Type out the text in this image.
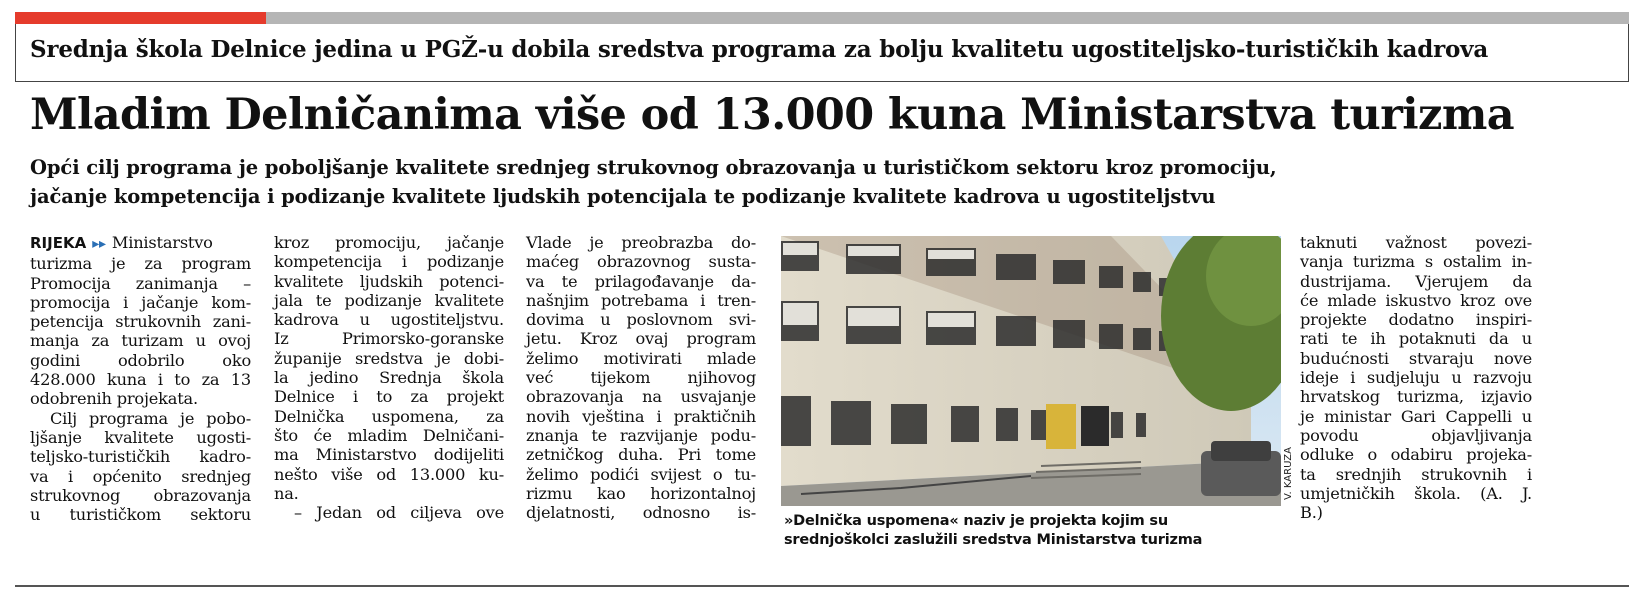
Srednja škola Delnice jedina u PGŽ-u dobila sredstva programa za bolju kvalitetu ugostiteljsko-turističkih kadrova
Mladim Delničanima više od 13.000 kuna Ministarstva turizma
Opći cilj programa je poboljšanje kvalitete srednjeg strukovnog obrazovanja u turističkom sektoru kroz promociju,
jačanje kompetencija i podizanje kvalitete ljudskih potencijala te podizanje kvalitete kadrova u ugostiteljstvu
RIJEKA ▸▸ Ministarstvo
turizma je za program
Promocija zanimanja –
promocija i jačanje kom-
petencija strukovnih zani-
manja za turizam u ovoj
godini odobrilo oko
428.000 kuna i to za 13
odobrenih projekata.
Cilj programa je pobo-
ljšanje kvalitete ugosti-
teljsko-turističkih kadro-
va i općenito srednjeg
strukovnog obrazovanja
u turističkom sektoru
kroz promociju, jačanje
kompetencija i podizanje
kvalitete ljudskih potenci-
jala te podizanje kvalitete
kadrova u ugostiteljstvu.
Iz Primorsko-goranske
županije sredstva je dobi-
la jedino Srednja škola
Delnice i to za projekt
Delnička uspomena, za
što će mladim Delničani-
ma Ministarstvo dodijeliti
nešto više od 13.000 ku-
na.
– Jedan od ciljeva ove
Vlade je preobrazba do-
maćeg obrazovnog susta-
va te prilagođavanje da-
našnjim potrebama i tren-
dovima u poslovnom svi-
jetu. Kroz ovaj program
želimo motivirati mlade
već tijekom njihovog
obrazovanja na usvajanje
novih vještina i praktičnih
znanja te razvijanje podu-
zetničkog duha. Pri tome
želimo podići svijest o tu-
rizmu kao horizontalnoj
djelatnosti, odnosno is-
V. KARUZA
»Delnička uspomena« naziv je projekta kojim su
srednjoškolci zaslužili sredstva Ministarstva turizma
taknuti važnost povezi-
vanja turizma s ostalim in-
dustrijama. Vjerujem da
će mlade iskustvo kroz ove
projekte dodatno inspiri-
rati te ih potaknuti da u
budućnosti stvaraju nove
ideje i sudjeluju u razvoju
hrvatskog turizma, izjavio
je ministar Gari Cappelli u
povodu objavljivanja
odluke o odabiru projeka-
ta srednjih strukovnih i
umjetničkih škola. (A. J.
B.)
